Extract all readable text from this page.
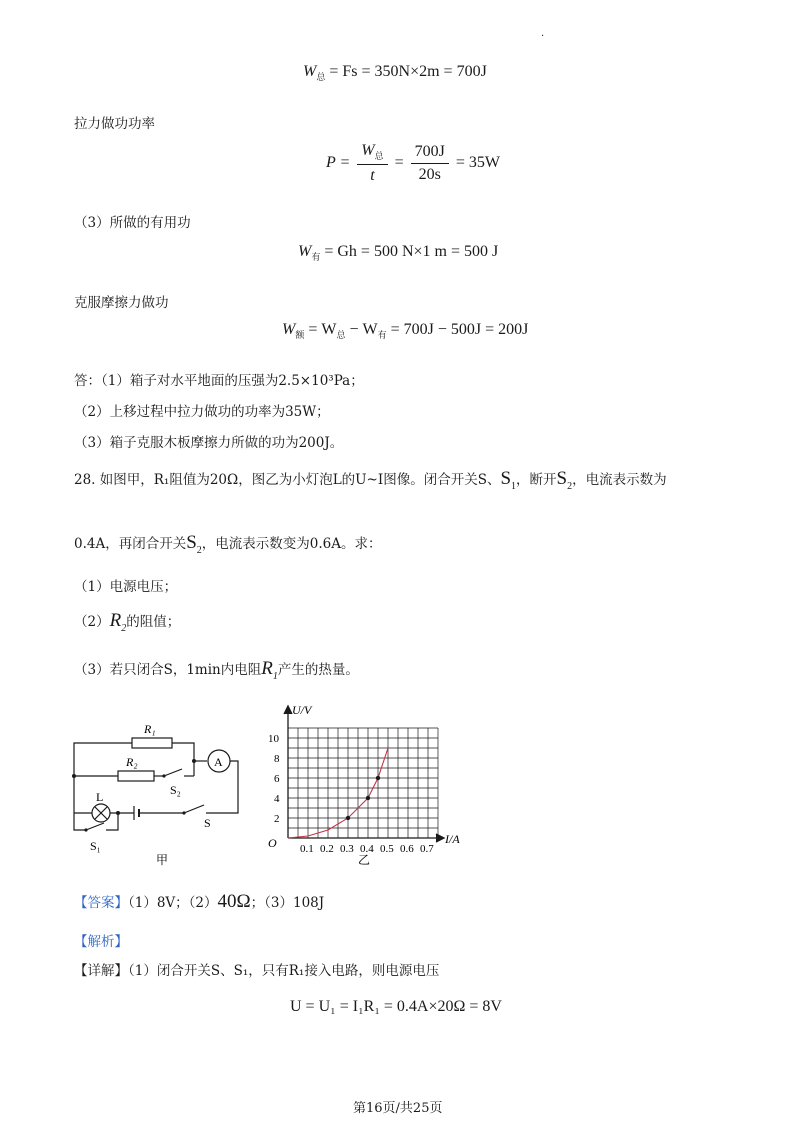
·
$W_总 = Fs = 350N\times 2m = 700J$
拉力做功功率
$P = \frac{W_总}{t} = \frac{700J}{20s} = 35W$
（3）所做的有用功
$W_有 = Gh = 500$ N×1 m = 500 J
克服摩擦力做功
$W_额 = W_总 - W_有 = 700J - 500J = 200J$
答：（1）箱子对水平地面的压强为2.5×10³Pa；
（2）上移过程中拉力做功的功率为35W；
（3）箱子克服木板摩擦力所做的功为200J。
28. 如图甲，R₁阻值为20Ω，图乙为小灯泡L的U~I图像。闭合开关S、$S_1$，断开$S_2$，电流表示数为
0.4A，再闭合开关$S_2$，电流表示数变为0.6A。求：
（1）电源电压；
$(2)R_2$的阻值；
（3）若只闭合S，1min内电阻$R_1$产生的热量。
R₁
R₂	A
S₂
L
S
S₁
甲
0.1 0.2 0.3 0.4 0.5 0.6 0.7
2
4
6
8
10
U/V
I/A
O
乙
【答案】（1）8V；（2）40Ω；（3）108J
【解析】
【详解】（1）闭合开关S、S₁，只有R₁接入电路，则电源电压
U = U₁ = I₁R₁ = 0.4A×20Ω = 8V
第16页/共25页
